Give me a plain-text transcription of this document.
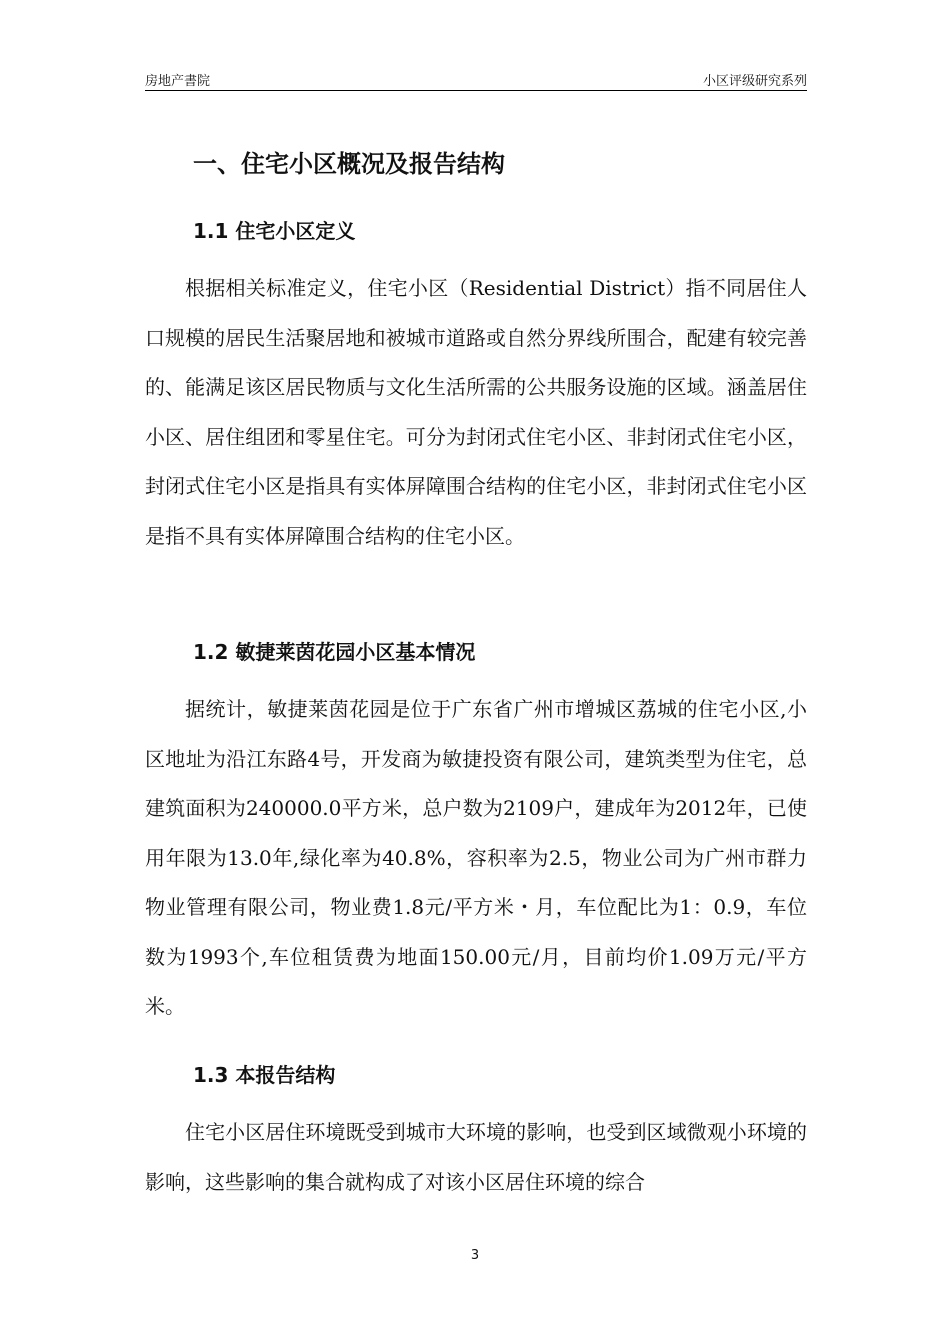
房地产書院	小区评级研究系列
一、住宅小区概况及报告结构
1.1 住宅小区定义

根据相关标准定义，住宅小区（Residential District）指不同居住人口规模的居民生活聚居地和被城市道路或自然分界线所围合，配建有较完善的、能满足该区居民物质与文化生活所需的公共服务设施的区域。涵盖居住小区、居住组团和零星住宅。可分为封闭式住宅小区、非封闭式住宅小区，封闭式住宅小区是指具有实体屏障围合结构的住宅小区，非封闭式住宅小区是指不具有实体屏障围合结构的住宅小区。

1.2 敏捷莱茵花园小区基本情况

据统计，敏捷莱茵花园是位于广东省广州市增城区荔城的住宅小区,小区地址为沿江东路4号，开发商为敏捷投资有限公司，建筑类型为住宅，总建筑面积为240000.0平方米，总户数为2109户，建成年为2012年，已使用年限为13.0年,绿化率为40.8%，容积率为2.5，物业公司为广州市群力物业管理有限公司，物业费1.8元/平方米・月，车位配比为1：0.9，车位数为1993个,车位租赁费为地面150.00元/月，目前均价1.09万元/平方米。

1.3 本报告结构

住宅小区居住环境既受到城市大环境的影响，也受到区域微观小环境的影响，这些影响的集合就构成了对该小区居住环境的综合

3
